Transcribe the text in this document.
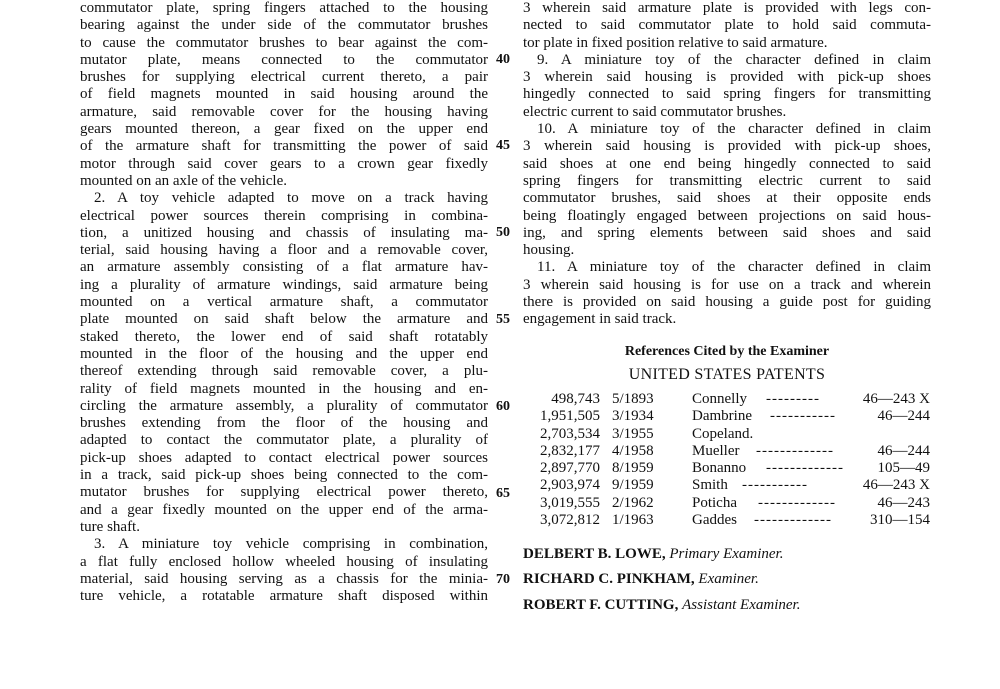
commutator plate, spring fingers attached to the housing
bearing against the under side of the commutator brushes
to cause the commutator brushes to bear against the com-
mutator plate, means connected to the commutator
brushes for supplying electrical current thereto, a pair
of field magnets mounted in said housing around the
armature, said removable cover for the housing having
gears mounted thereon, a gear fixed on the upper end
of the armature shaft for transmitting the power of said
motor through said cover gears to a crown gear fixedly
mounted on an axle of the vehicle.
2. A toy vehicle adapted to move on a track having
electrical power sources therein comprising in combina-
tion, a unitized housing and chassis of insulating ma-
terial, said housing having a floor and a removable cover,
an armature assembly consisting of a flat armature hav-
ing a plurality of armature windings, said armature being
mounted on a vertical armature shaft, a commutator
plate mounted on said shaft below the armature and
staked thereto, the lower end of said shaft rotatably
mounted in the floor of the housing and the upper end
thereof extending through said removable cover, a plu-
rality of field magnets mounted in the housing and en-
circling the armature assembly, a plurality of commutator
brushes extending from the floor of the housing and
adapted to contact the commutator plate, a plurality of
pick-up shoes adapted to contact electrical power sources
in a track, said pick-up shoes being connected to the com-
mutator brushes for supplying electrical power thereto,
and a gear fixedly mounted on the upper end of the arma-
ture shaft.
3. A miniature toy vehicle comprising in combination,
a flat fully enclosed hollow wheeled housing of insulating
material, said housing serving as a chassis for the minia-
ture vehicle, a rotatable armature shaft disposed within
40
45
50
55
60
65
70
3 wherein said armature plate is provided with legs con-
nected to said commutator plate to hold said commuta-
tor plate in fixed position relative to said armature.
9. A miniature toy of the character defined in claim
3 wherein said housing is provided with pick-up shoes
hingedly connected to said spring fingers for transmitting
electric current to said commutator brushes.
10. A miniature toy of the character defined in claim
3 wherein said housing is provided with pick-up shoes,
said shoes at one end being hingedly connected to said
spring fingers for transmitting electric current to said
commutator brushes, said shoes at their opposite ends
being floatingly engaged between projections on said hous-
ing, and spring elements between said shoes and said
housing.
11. A miniature toy of the character defined in claim
3 wherein said housing is for use on a track and wherein
there is provided on said housing a guide post for guiding
engagement in said track.
References Cited by the Examiner
UNITED STATES PATENTS
498,743 5/1893	Connelly ---------	46—243 X
1,951,505 3/1934	Dambrine -----------	46—244
2,703,534 3/1955	Copeland.
2,832,177 4/1958	Mueller -------------	46—244
2,897,770 8/1959	Bonanno -------------	105—49
2,903,974 9/1959	Smith -----------	46—243 X
3,019,555 2/1962	Poticha -------------	46—243
3,072,812 1/1963	Gaddes -------------	310—154
DELBERT B. LOWE, Primary Examiner.
RICHARD C. PINKHAM, Examiner.
ROBERT F. CUTTING, Assistant Examiner.
